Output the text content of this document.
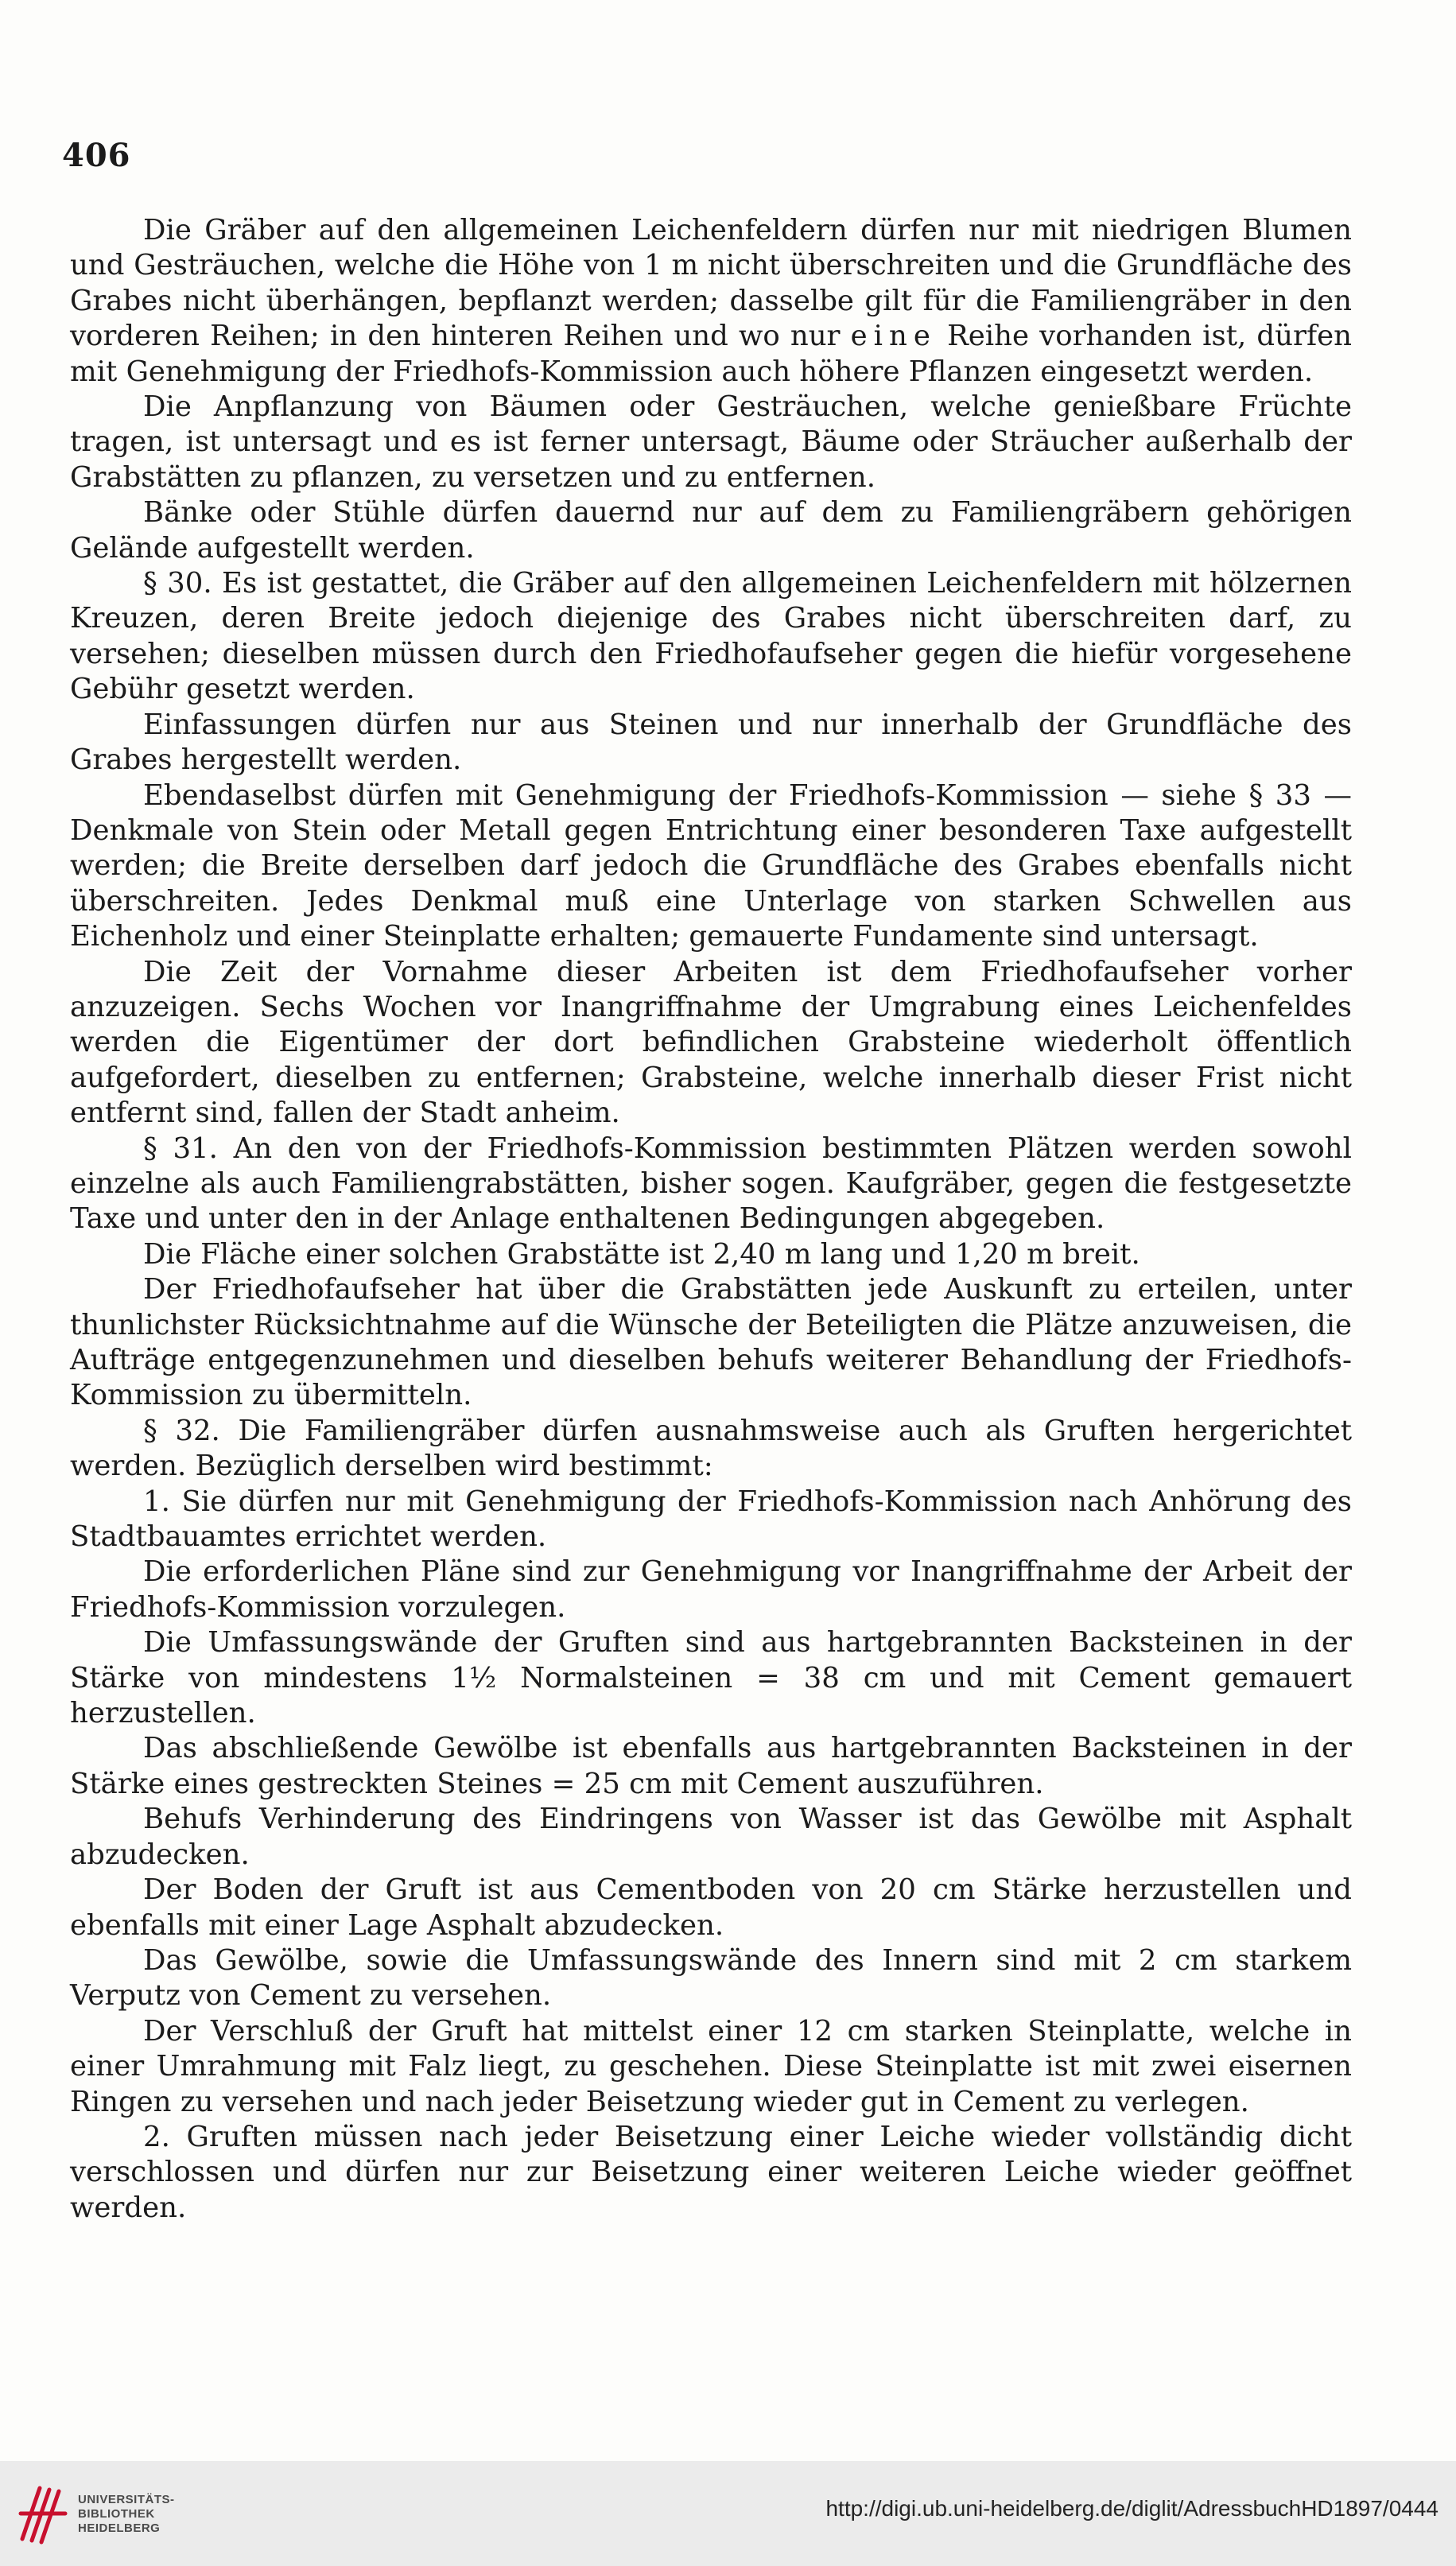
406

Die Gräber auf den allgemeinen Leichenfeldern dürfen nur mit niedrigen Blumen und Gesträuchen, welche die Höhe von 1 m nicht überschreiten und die Grundfläche des Grabes nicht überhängen, bepflanzt werden; dasselbe gilt für die Familiengräber in den vorderen Reihen; in den hinteren Reihen und wo nur eine Reihe vorhanden ist, dürfen mit Genehmigung der Friedhofs-Kommission auch höhere Pflanzen eingesetzt werden.

Die Anpflanzung von Bäumen oder Gesträuchen, welche genießbare Früchte tragen, ist untersagt und es ist ferner untersagt, Bäume oder Sträucher außerhalb der Grabstätten zu pflanzen, zu versetzen und zu entfernen.

Bänke oder Stühle dürfen dauernd nur auf dem zu Familiengräbern gehörigen Gelände aufgestellt werden.

§ 30. Es ist gestattet, die Gräber auf den allgemeinen Leichenfeldern mit hölzernen Kreuzen, deren Breite jedoch diejenige des Grabes nicht überschreiten darf, zu versehen; dieselben müssen durch den Friedhofaufseher gegen die hiefür vorgesehene Gebühr gesetzt werden.

Einfassungen dürfen nur aus Steinen und nur innerhalb der Grundfläche des Grabes hergestellt werden.

Ebendaselbst dürfen mit Genehmigung der Friedhofs-Kommission — siehe § 33 — Denkmale von Stein oder Metall gegen Entrichtung einer besonderen Taxe aufgestellt werden; die Breite derselben darf jedoch die Grundfläche des Grabes ebenfalls nicht überschreiten. Jedes Denkmal muß eine Unterlage von starken Schwellen aus Eichenholz und einer Steinplatte erhalten; gemauerte Fundamente sind untersagt.

Die Zeit der Vornahme dieser Arbeiten ist dem Friedhofaufseher vorher anzuzeigen. Sechs Wochen vor Inangriffnahme der Umgrabung eines Leichenfeldes werden die Eigentümer der dort befindlichen Grabsteine wiederholt öffentlich aufgefordert, dieselben zu entfernen; Grabsteine, welche innerhalb dieser Frist nicht entfernt sind, fallen der Stadt anheim.

§ 31. An den von der Friedhofs-Kommission bestimmten Plätzen werden sowohl einzelne als auch Familiengrabstätten, bisher sogen. Kaufgräber, gegen die festgesetzte Taxe und unter den in der Anlage enthaltenen Bedingungen abgegeben.

Die Fläche einer solchen Grabstätte ist 2,40 m lang und 1,20 m breit.

Der Friedhofaufseher hat über die Grabstätten jede Auskunft zu erteilen, unter thunlichster Rücksichtnahme auf die Wünsche der Beteiligten die Plätze anzuweisen, die Aufträge entgegenzunehmen und dieselben behufs weiterer Behandlung der Friedhofs-Kommission zu übermitteln.

§ 32. Die Familiengräber dürfen ausnahmsweise auch als Gruften hergerichtet werden. Bezüglich derselben wird bestimmt:

1. Sie dürfen nur mit Genehmigung der Friedhofs-Kommission nach Anhörung des Stadtbauamtes errichtet werden.

Die erforderlichen Pläne sind zur Genehmigung vor Inangriffnahme der Arbeit der Friedhofs-Kommission vorzulegen.

Die Umfassungswände der Gruften sind aus hartgebrannten Backsteinen in der Stärke von mindestens 1½ Normalsteinen = 38 cm und mit Cement gemauert herzustellen.

Das abschließende Gewölbe ist ebenfalls aus hartgebrannten Backsteinen in der Stärke eines gestreckten Steines = 25 cm mit Cement auszuführen.

Behufs Verhinderung des Eindringens von Wasser ist das Gewölbe mit Asphalt abzudecken.

Der Boden der Gruft ist aus Cementboden von 20 cm Stärke herzustellen und ebenfalls mit einer Lage Asphalt abzudecken.

Das Gewölbe, sowie die Umfassungswände des Innern sind mit 2 cm starkem Verputz von Cement zu versehen.

Der Verschluß der Gruft hat mittelst einer 12 cm starken Steinplatte, welche in einer Umrahmung mit Falz liegt, zu geschehen. Diese Steinplatte ist mit zwei eisernen Ringen zu versehen und nach jeder Beisetzung wieder gut in Cement zu verlegen.

2. Gruften müssen nach jeder Beisetzung einer Leiche wieder vollständig dicht verschlossen und dürfen nur zur Beisetzung einer weiteren Leiche wieder geöffnet werden.

UNIVERSITÄTS-
BIBLIOTHEK
HEIDELBERG
http://digi.ub.uni-heidelberg.de/diglit/AdressbuchHD1897/0444
